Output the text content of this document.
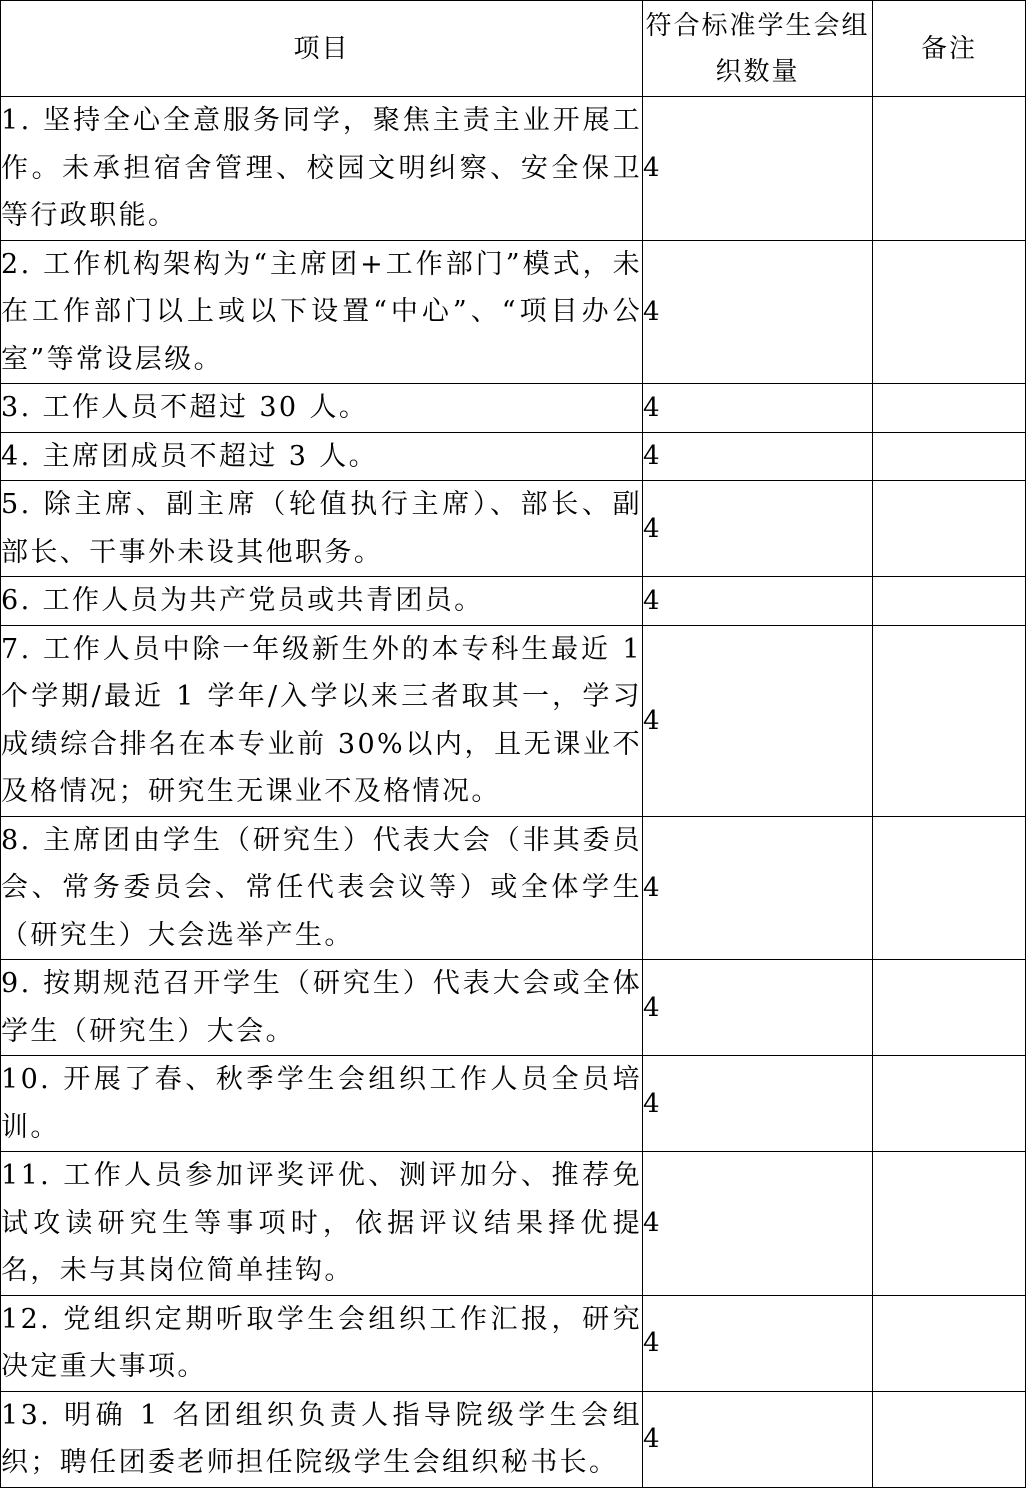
项目	符合标准学生会组织数量	备注
1. 坚持全心全意服务同学，聚焦主责主业开展工作。未承担宿舍管理、校园文明纠察、安全保卫等行政职能。	4	
2. 工作机构架构为“主席团+工作部门”模式，未在工作部门以上或以下设置“中心”、“项目办公室”等常设层级。	4	
3. 工作人员不超过 30 人。	4	
4. 主席团成员不超过 3 人。	4	
5. 除主席、副主席（轮值执行主席）、部长、副部长、干事外未设其他职务。	4	
6. 工作人员为共产党员或共青团员。	4	
7. 工作人员中除一年级新生外的本专科生最近 1 个学期/最近 1 学年/入学以来三者取其一，学习成绩综合排名在本专业前 30%以内，且无课业不及格情况；研究生无课业不及格情况。	4	
8. 主席团由学生（研究生）代表大会（非其委员会、常务委员会、常任代表会议等）或全体学生（研究生）大会选举产生。	4	
9. 按期规范召开学生（研究生）代表大会或全体学生（研究生）大会。	4	
10. 开展了春、秋季学生会组织工作人员全员培训。	4	
11. 工作人员参加评奖评优、测评加分、推荐免试攻读研究生等事项时，依据评议结果择优提名，未与其岗位简单挂钩。	4	
12. 党组织定期听取学生会组织工作汇报，研究决定重大事项。	4	
13. 明确 1 名团组织负责人指导院级学生会组织；聘任团委老师担任院级学生会组织秘书长。	4	
